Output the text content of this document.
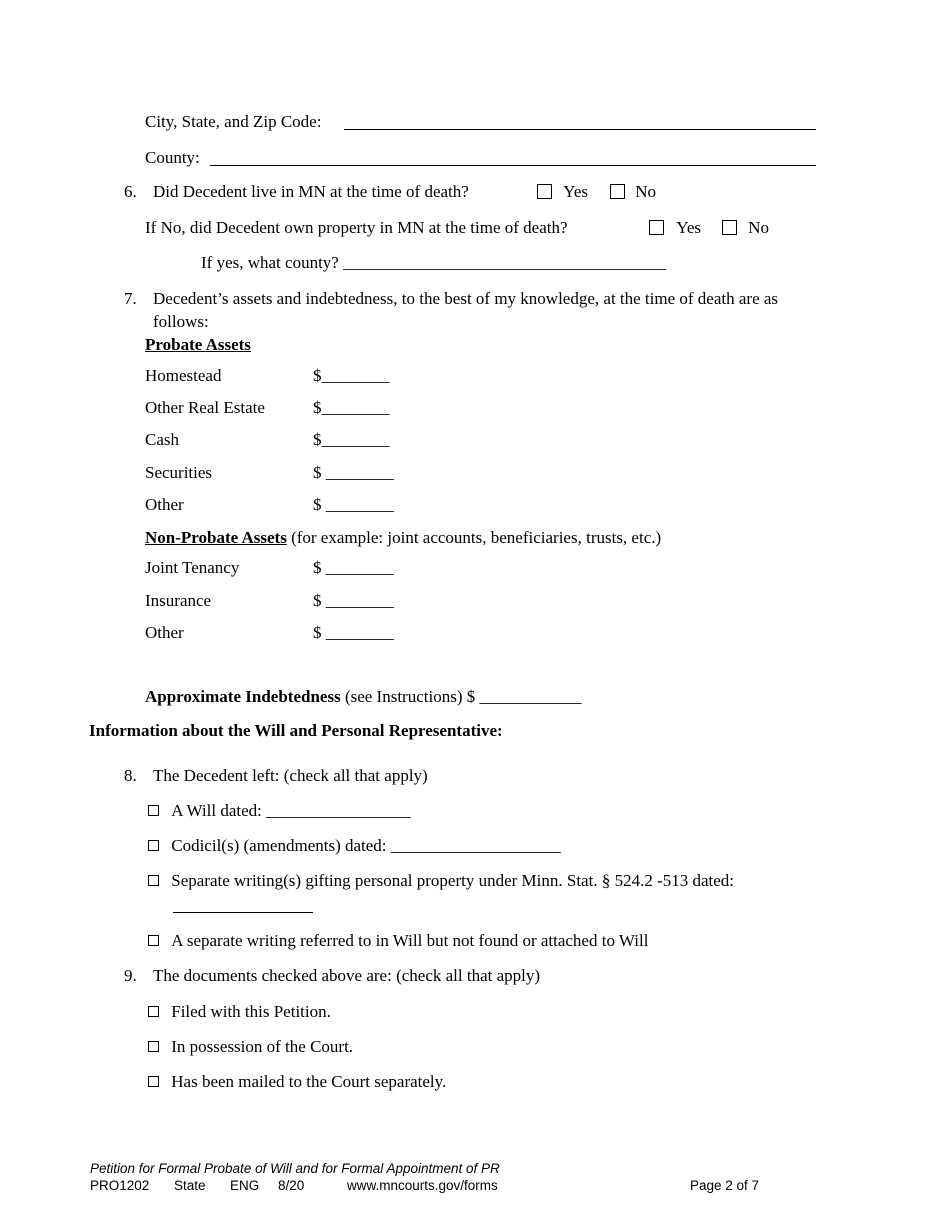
City, State, and Zip Code:
County:
6. Did Decedent live in MN at the time of death?	Yes	No
If No, did Decedent own property in MN at the time of death?	Yes	No
If yes, what county? ______________________________________
7. Decedent’s assets and indebtedness, to the best of my knowledge, at the time of death are as
follows:
Probate Assets
Homestead	$________
Other Real Estate	$________
Cash	$________
Securities	$ ________
Other	$ ________
Non-Probate Assets (for example: joint accounts, beneficiaries, trusts, etc.)
Joint Tenancy	$ ________
Insurance	$ ________
Other	$ ________
Approximate Indebtedness (see Instructions) $ ____________
Information about the Will and Personal Representative:
8. The Decedent left: (check all that apply)
A Will dated: _________________
Codicil(s) (amendments) dated: ____________________
Separate writing(s) gifting personal property under Minn. Stat. § 524.2 -513 dated:
A separate writing referred to in Will but not found or attached to Will
9. The documents checked above are: (check all that apply)
Filed with this Petition.
In possession of the Court.
Has been mailed to the Court separately.
Petition for Formal Probate of Will and for Formal Appointment of PR
PRO1202 State ENG 8/20	www.mncourts.gov/forms	Page 2 of 7
